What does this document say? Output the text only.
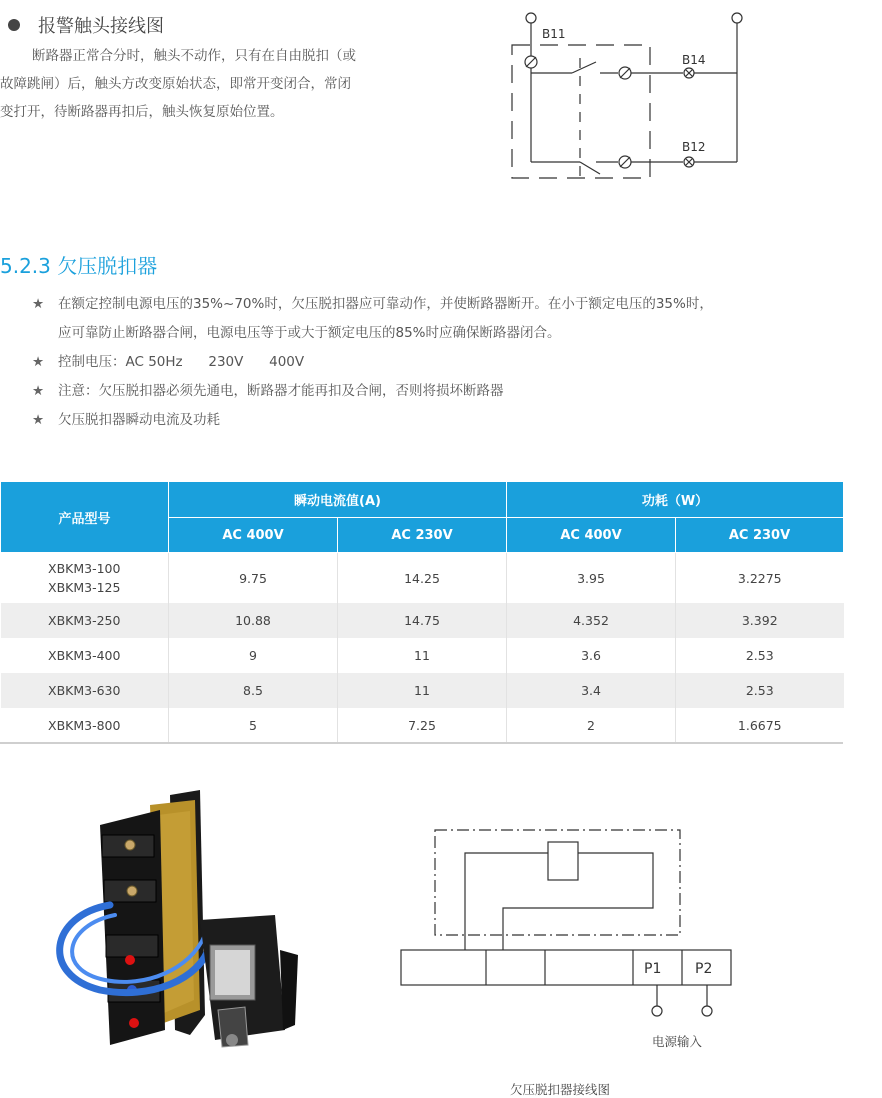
报警触头接线图
断路器正常合分时，触头不动作，只有在自由脱扣（或
故障跳闸）后，触头方改变原始状态，即常开变闭合，常闭
变打开，待断路器再扣后，触头恢复原始位置。
B11
B14
B12
5.2.3 欠压脱扣器
★	在额定控制电源电压的35%~70%时，欠压脱扣器应可靠动作，并使断路器断开。在小于额定电压的35%时，
应可靠防止断路器合闸，电源电压等于或大于额定电压的85%时应确保断路器闭合。
★	控制电压：AC 50Hz      230V      400V
★	注意：欠压脱扣器必须先通电，断路器才能再扣及合闸，否则将损坏断路器
★	欠压脱扣器瞬动电流及功耗
产品型号	瞬动电流值(A)		功耗（W）	
	AC 400V	AC 230V	AC 400V	AC 230V

XBKM3-100
XBKM3-125	9.75	14.25	3.95	3.2275
XBKM3-250	10.88	14.75	4.352	3.392
XBKM3-400	9	11	3.6	2.53
XBKM3-630	8.5	11	3.4	2.53
XBKM3-800	5	7.25	2	1.6675
P1 P2
电源输入
欠压脱扣器接线图
